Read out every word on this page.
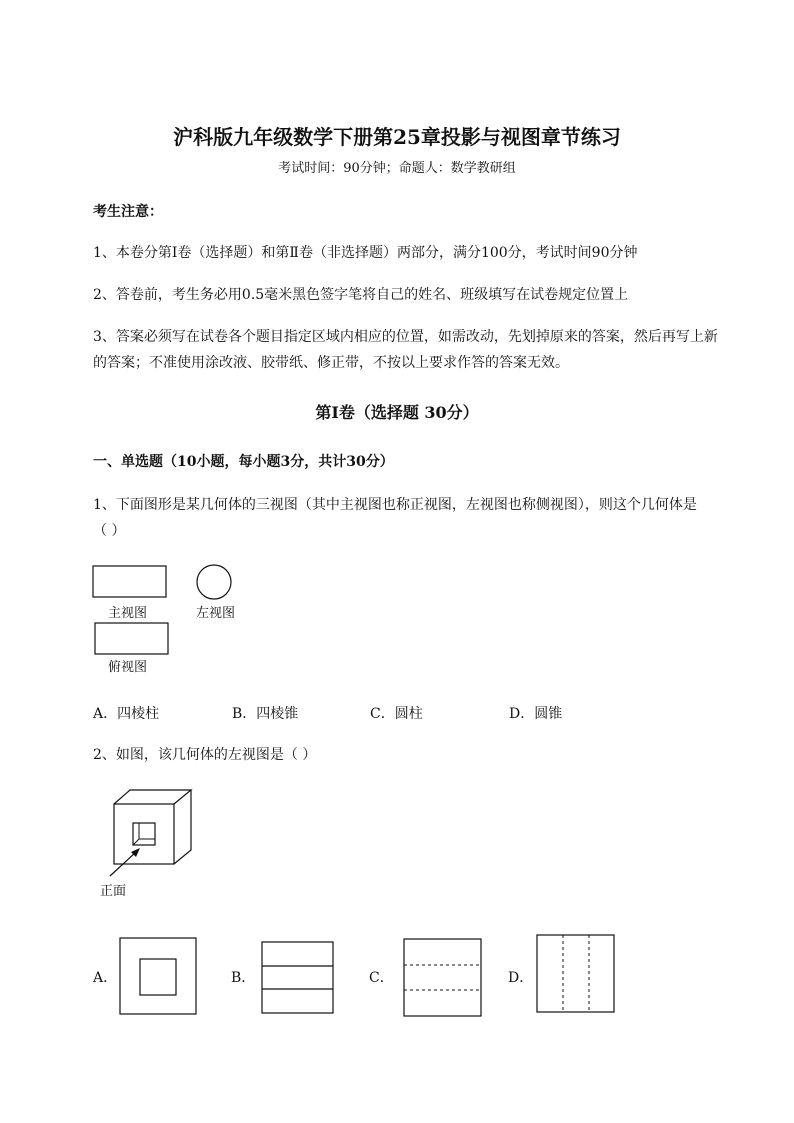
沪科版九年级数学下册第25章投影与视图章节练习
考试时间：90分钟；命题人：数学教研组
考生注意：
1、本卷分第I卷（选择题）和第Ⅱ卷（非选择题）两部分，满分100分，考试时间90分钟
2、答卷前，考生务必用0.5毫米黑色签字笔将自己的姓名、班级填写在试卷规定位置上
3、答案必须写在试卷各个题目指定区域内相应的位置，如需改动，先划掉原来的答案，然后再写上新
的答案；不准使用涂改液、胶带纸、修正带，不按以上要求作答的答案无效。
第I卷（选择题 30分）
一、单选题（10小题，每小题3分，共计30分）
1、下面图形是某几何体的三视图（其中主视图也称正视图，左视图也称侧视图），则这个几何体是
（ ）
主视图	左视图
俯视图
A．四棱柱	B．四棱锥	C．圆柱	D．圆锥
2、如图，该几何体的左视图是（ ）
正面
A．	B．	C．	D．
